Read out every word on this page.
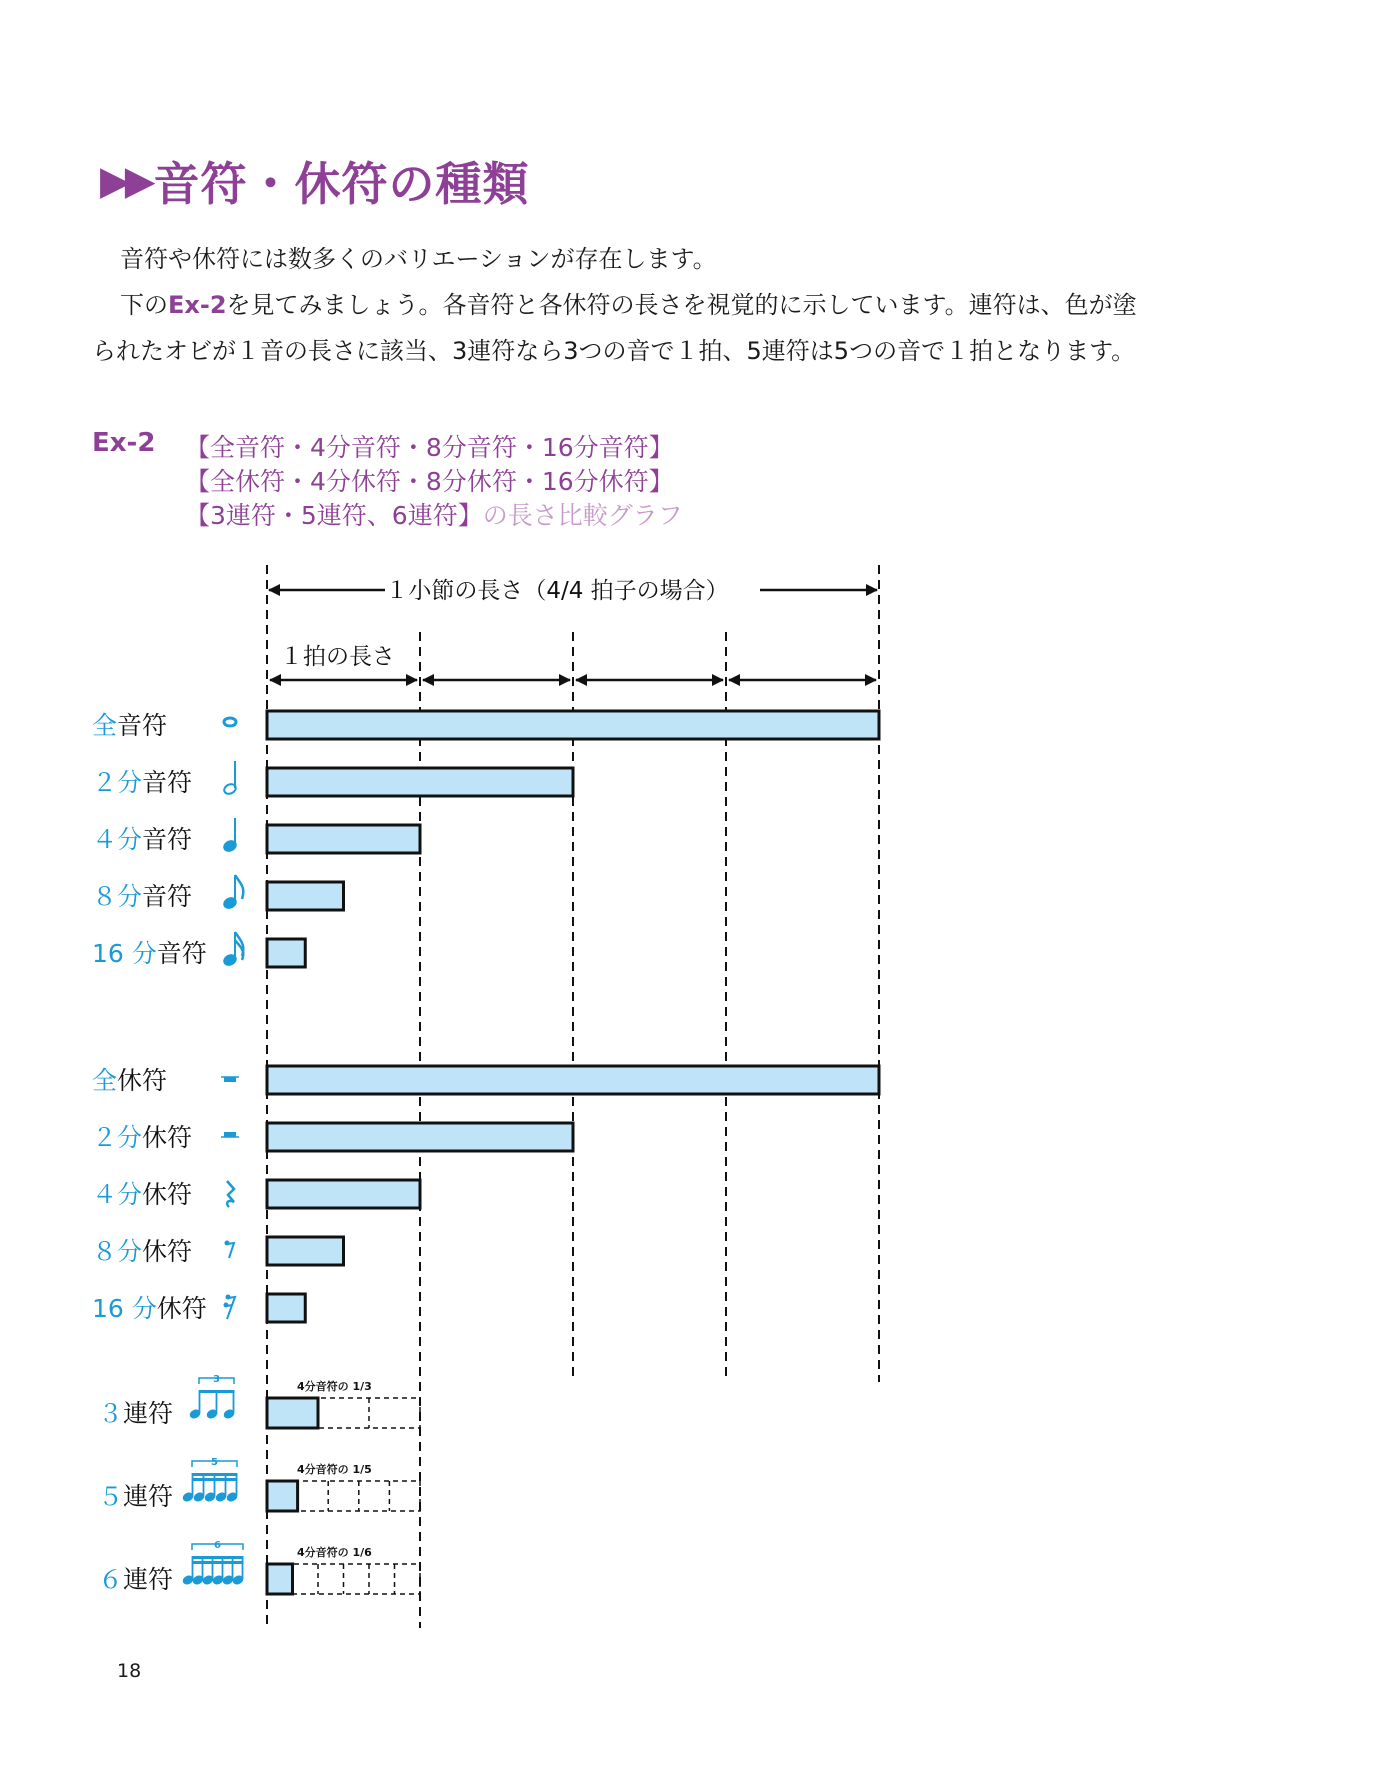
▶▶ 音符・休符の種類
音符や休符には数多くのバリエーションが存在します。
下のEx-2を見てみましょう。各音符と各休符の長さを視覚的に示しています。連符は、色が塗
られたオビが１音の長さに該当、3連符なら3つの音で１拍、5連符は5つの音で１拍となります。
Ex-2 【全音符・4分音符・8分音符・16分音符】
【全休符・4分休符・8分休符・16分休符】
【3連符・5連符、6連符】の長さ比較グラフ
１小節の長さ（4/4 拍子の場合）
１拍の長さ
全音符
２分音符
４分音符
８分音符
16 分音符
全休符
２分休符
４分休符
８分休符
16 分休符
３連符
3
4分音符の 1/3
５連符
5
4分音符の 1/5
６連符
6
4分音符の 1/6
18
